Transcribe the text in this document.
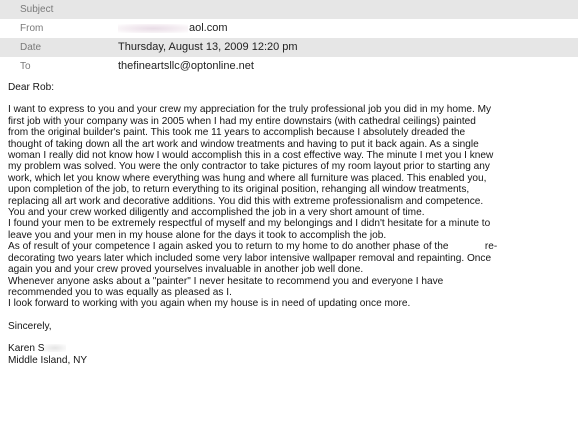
Subject
From	aol.com
Date	Thursday, August 13, 2009 12:20 pm
To	thefineartsllc@optonline.net

Dear Rob:

I want to express to you and your crew my appreciation for the truly professional job you did in my home. My
first job with your company was in 2005 when I had my entire downstairs (with cathedral ceilings) painted
from the original builder's paint. This took me 11 years to accomplish because I absolutely dreaded the
thought of taking down all the art work and window treatments and having to put it back again. As a single
woman I really did not know how I would accomplish this in a cost effective way. The minute I met you I knew
my problem was solved. You were the only contractor to take pictures of my room layout prior to starting any
work, which let you know where everything was hung and where all furniture was placed. This enabled you,
upon completion of the job, to return everything to its original position, rehanging all window treatments,
replacing all art work and decorative additions. You did this with extreme professionalism and competence.
You and your crew worked diligently and accomplished the job in a very short amount of time.
I found your men to be extremely respectful of myself and my belongings and I didn't hesitate for a minute to
leave you and your men in my house alone for the days it took to accomplish the job.
As of result of your competence I again asked you to return to my home to do another phase of the             re-
decorating two years later which included some very labor intensive wallpaper removal and repainting. Once
again you and your crew proved yourselves invaluable in another job well done.
Whenever anyone asks about a "painter" I never hesitate to recommend you and everyone I have
recommended you to was equally as pleased as I.
I look forward to working with you again when my house is in need of updating once more.
Sincerely,
Karen S
Middle Island, NY
